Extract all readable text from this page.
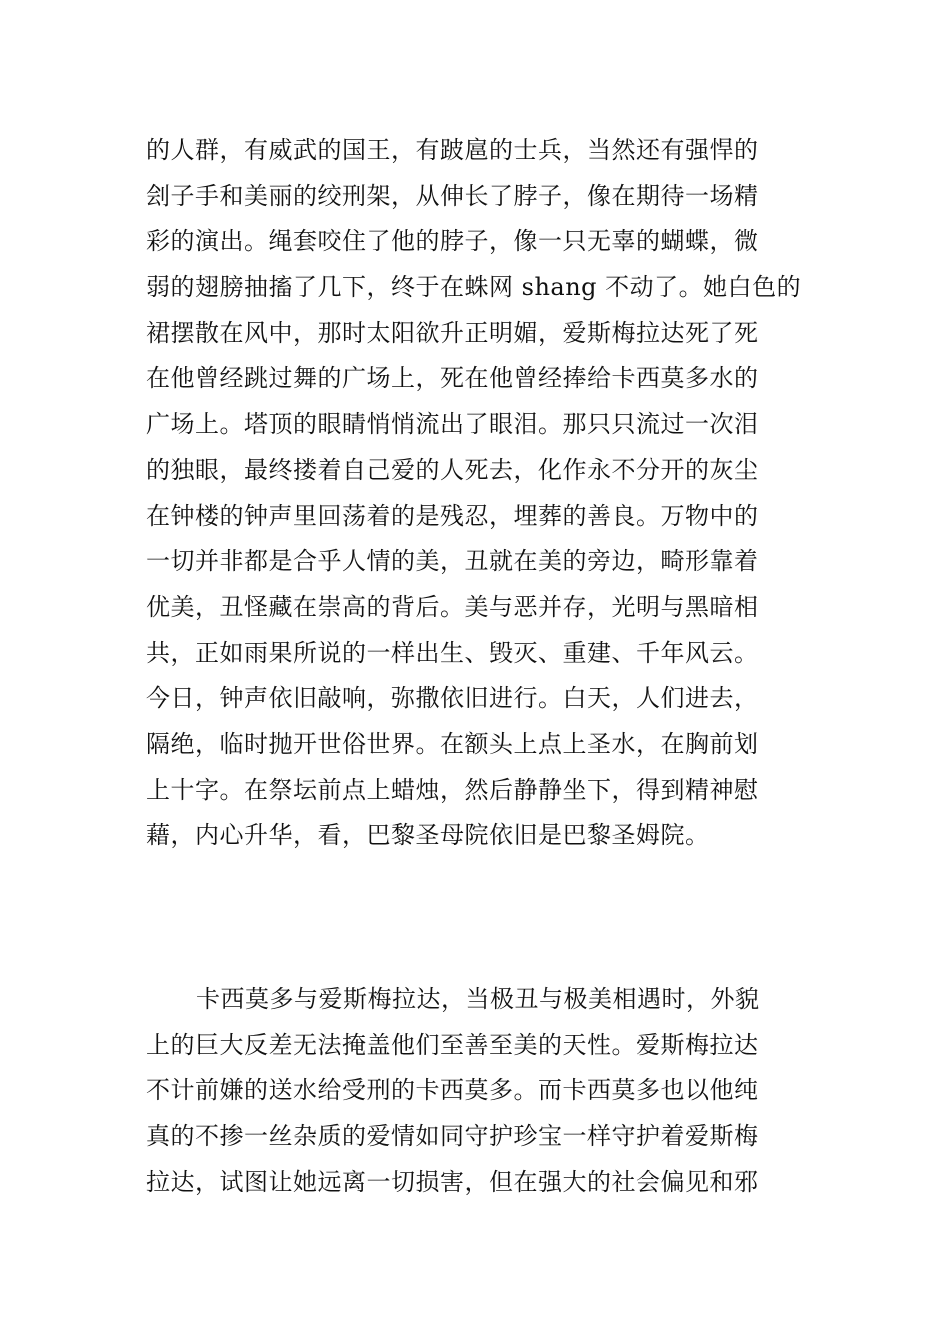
的人群，有威武的国王，有跛扈的士兵，当然还有强悍的
刽子手和美丽的绞刑架，从伸长了脖子，像在期待一场精
彩的演出。绳套咬住了他的脖子，像一只无辜的蝴蝶，微
弱的翅膀抽搐了几下，终于在蛛网 shang 不动了。她白色的
裙摆散在风中，那时太阳欲升正明媚，爱斯梅拉达死了死
在他曾经跳过舞的广场上，死在他曾经捧给卡西莫多水的
广场上。塔顶的眼睛悄悄流出了眼泪。那只只流过一次泪
的独眼，最终搂着自己爱的人死去，化作永不分开的灰尘
在钟楼的钟声里回荡着的是残忍，埋葬的善良。万物中的
一切并非都是合乎人情的美，丑就在美的旁边，畸形靠着
优美，丑怪藏在崇高的背后。美与恶并存，光明与黑暗相
共，正如雨果所说的一样出生、毁灭、重建、千年风云。
今日，钟声依旧敲响，弥撒依旧进行。白天，人们进去，
隔绝，临时抛开世俗世界。在额头上点上圣水，在胸前划
上十字。在祭坛前点上蜡烛，然后静静坐下，得到精神慰
藉，内心升华，看，巴黎圣母院依旧是巴黎圣姆院。
卡西莫多与爱斯梅拉达，当极丑与极美相遇时，外貌
上的巨大反差无法掩盖他们至善至美的天性。爱斯梅拉达
不计前嫌的送水给受刑的卡西莫多。而卡西莫多也以他纯
真的不掺一丝杂质的爱情如同守护珍宝一样守护着爱斯梅
拉达，试图让她远离一切损害，但在强大的社会偏见和邪
